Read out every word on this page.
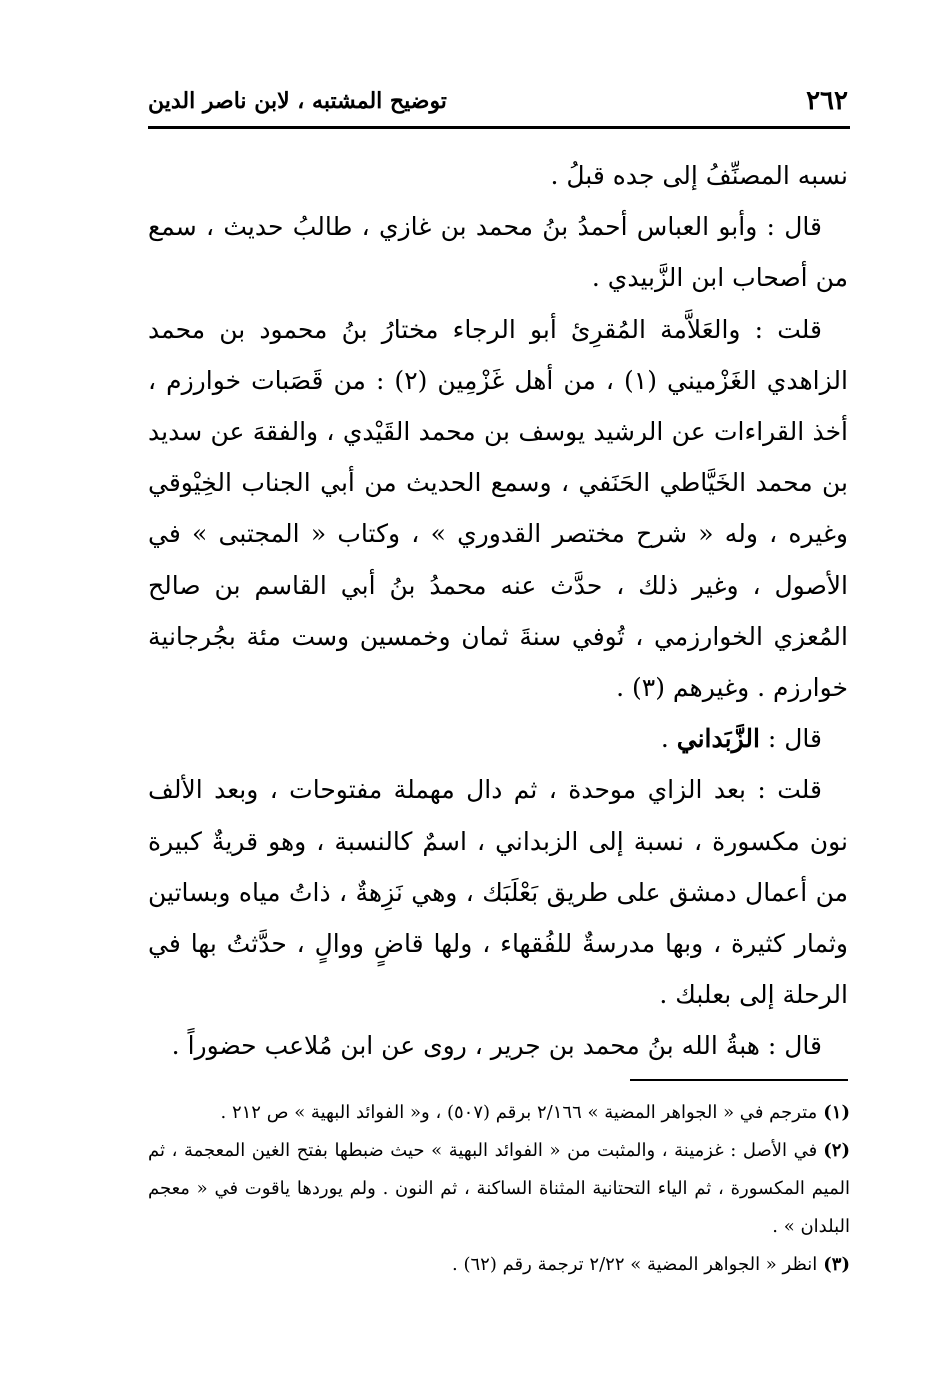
٢٦٢
توضيح المشتبه ، لابن ناصر الدين

نسبه المصنِّفُ إلى جده قبلُ .

قال : وأبو العباس أحمدُ بنُ محمد بن غازي ، طالبُ حديث ، سمع من أصحاب ابن الزَّبيدي .

قلت : والعَلاَّمة المُقرِئ أبو الرجاء مختارُ بنُ محمود بن محمد الزاهدي الغَزْميني (١) ، من أهل غَزْمِين (٢) : من قَصَبات خوارزم ، أخذ القراءات عن الرشيد يوسف بن محمد القَيْدي ، والفقهَ عن سديد بن محمد الخَيَّاطي الحَنَفي ، وسمع الحديث من أبي الجناب الخِيْوقي وغيره ، وله « شرح مختصر القدوري » ، وكتاب « المجتبى » في الأصول ، وغير ذلك ، حدَّث عنه محمدُ بنُ أبي القاسم بن صالح المُعزي الخوارزمي ، تُوفي سنةَ ثمان وخمسين وست مئة بجُرجانية خوارزم . وغيرهم (٣) .

قال : الزَّبَداني .

قلت : بعد الزاي موحدة ، ثم دال مهملة مفتوحات ، وبعد الألف نون مكسورة ، نسبة إلى الزبداني ، اسمٌ كالنسبة ، وهو قريةٌ كبيرة من أعمال دمشق على طريق بَعْلَبَك ، وهي نَزِهةٌ ، ذاتُ مياه وبساتين وثمار كثيرة ، وبها مدرسةٌ للفُقهاء ، ولها قاضٍ ووالٍ ، حدَّثتُ بها في الرحلة إلى بعلبك .

قال : هبةُ الله بنُ محمد بن جرير ، روى عن ابن مُلاعب حضوراً .

(١)مترجم في « الجواهر المضية » ٢/١٦٦ برقم (٥٠٧) ، و« الفوائد البهية » ص ٢١٢ .

(٢)في الأصل : غزمينة ، والمثبت من « الفوائد البهية » حيث ضبطها بفتح الغين المعجمة ، ثم الميم المكسورة ، ثم الياء التحتانية المثناة الساكنة ، ثم النون . ولم يوردها ياقوت في « معجم البلدان » .

(٣)انظر « الجواهر المضية » ٢/٢٢ ترجمة رقم (٦٢) .
